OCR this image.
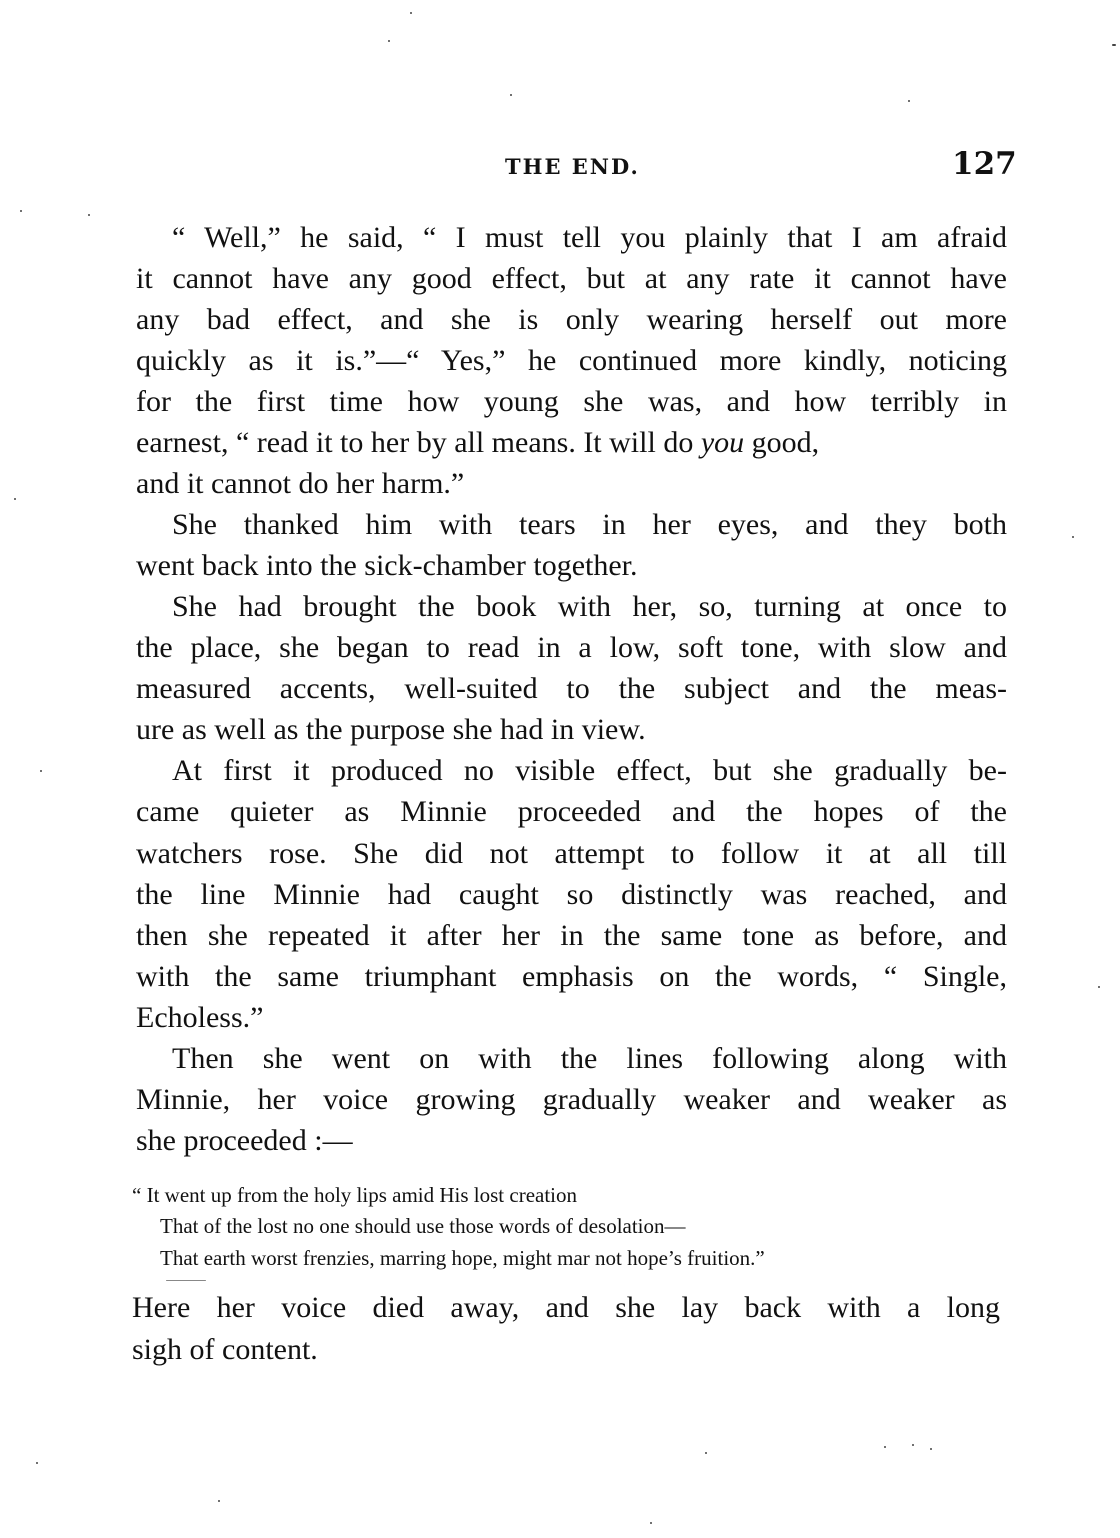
THE END.	127
“ Well,” he said, “ I must tell you plainly that I am afraid
it cannot have any good effect, but at any rate it cannot have
any bad effect, and she is only wearing herself out more
quickly as it is.”—“ Yes,” he continued more kindly, noticing
for the first time how young she was, and how terribly in
earnest, “ read it to her by all means. It will do you good,
and it cannot do her harm.”
She thanked him with tears in her eyes, and they both
went back into the sick-chamber together.
She had brought the book with her, so, turning at once to
the place, she began to read in a low, soft tone, with slow and
measured accents, well-suited to the subject and the meas-
ure as well as the purpose she had in view.
At first it produced no visible effect, but she gradually be-
came quieter as Minnie proceeded and the hopes of the
watchers rose. She did not attempt to follow it at all till
the line Minnie had caught so distinctly was reached, and
then she repeated it after her in the same tone as before, and
with the same triumphant emphasis on the words, “ Single,
Echoless.”
Then she went on with the lines following along with
Minnie, her voice growing gradually weaker and weaker as
she proceeded :—
“ It went up from the holy lips amid His lost creation
That of the lost no one should use those words of desolation—
That earth worst frenzies, marring hope, might mar not hope’s fruition.”
Here her voice died away, and she lay back with a long
sigh of content.
